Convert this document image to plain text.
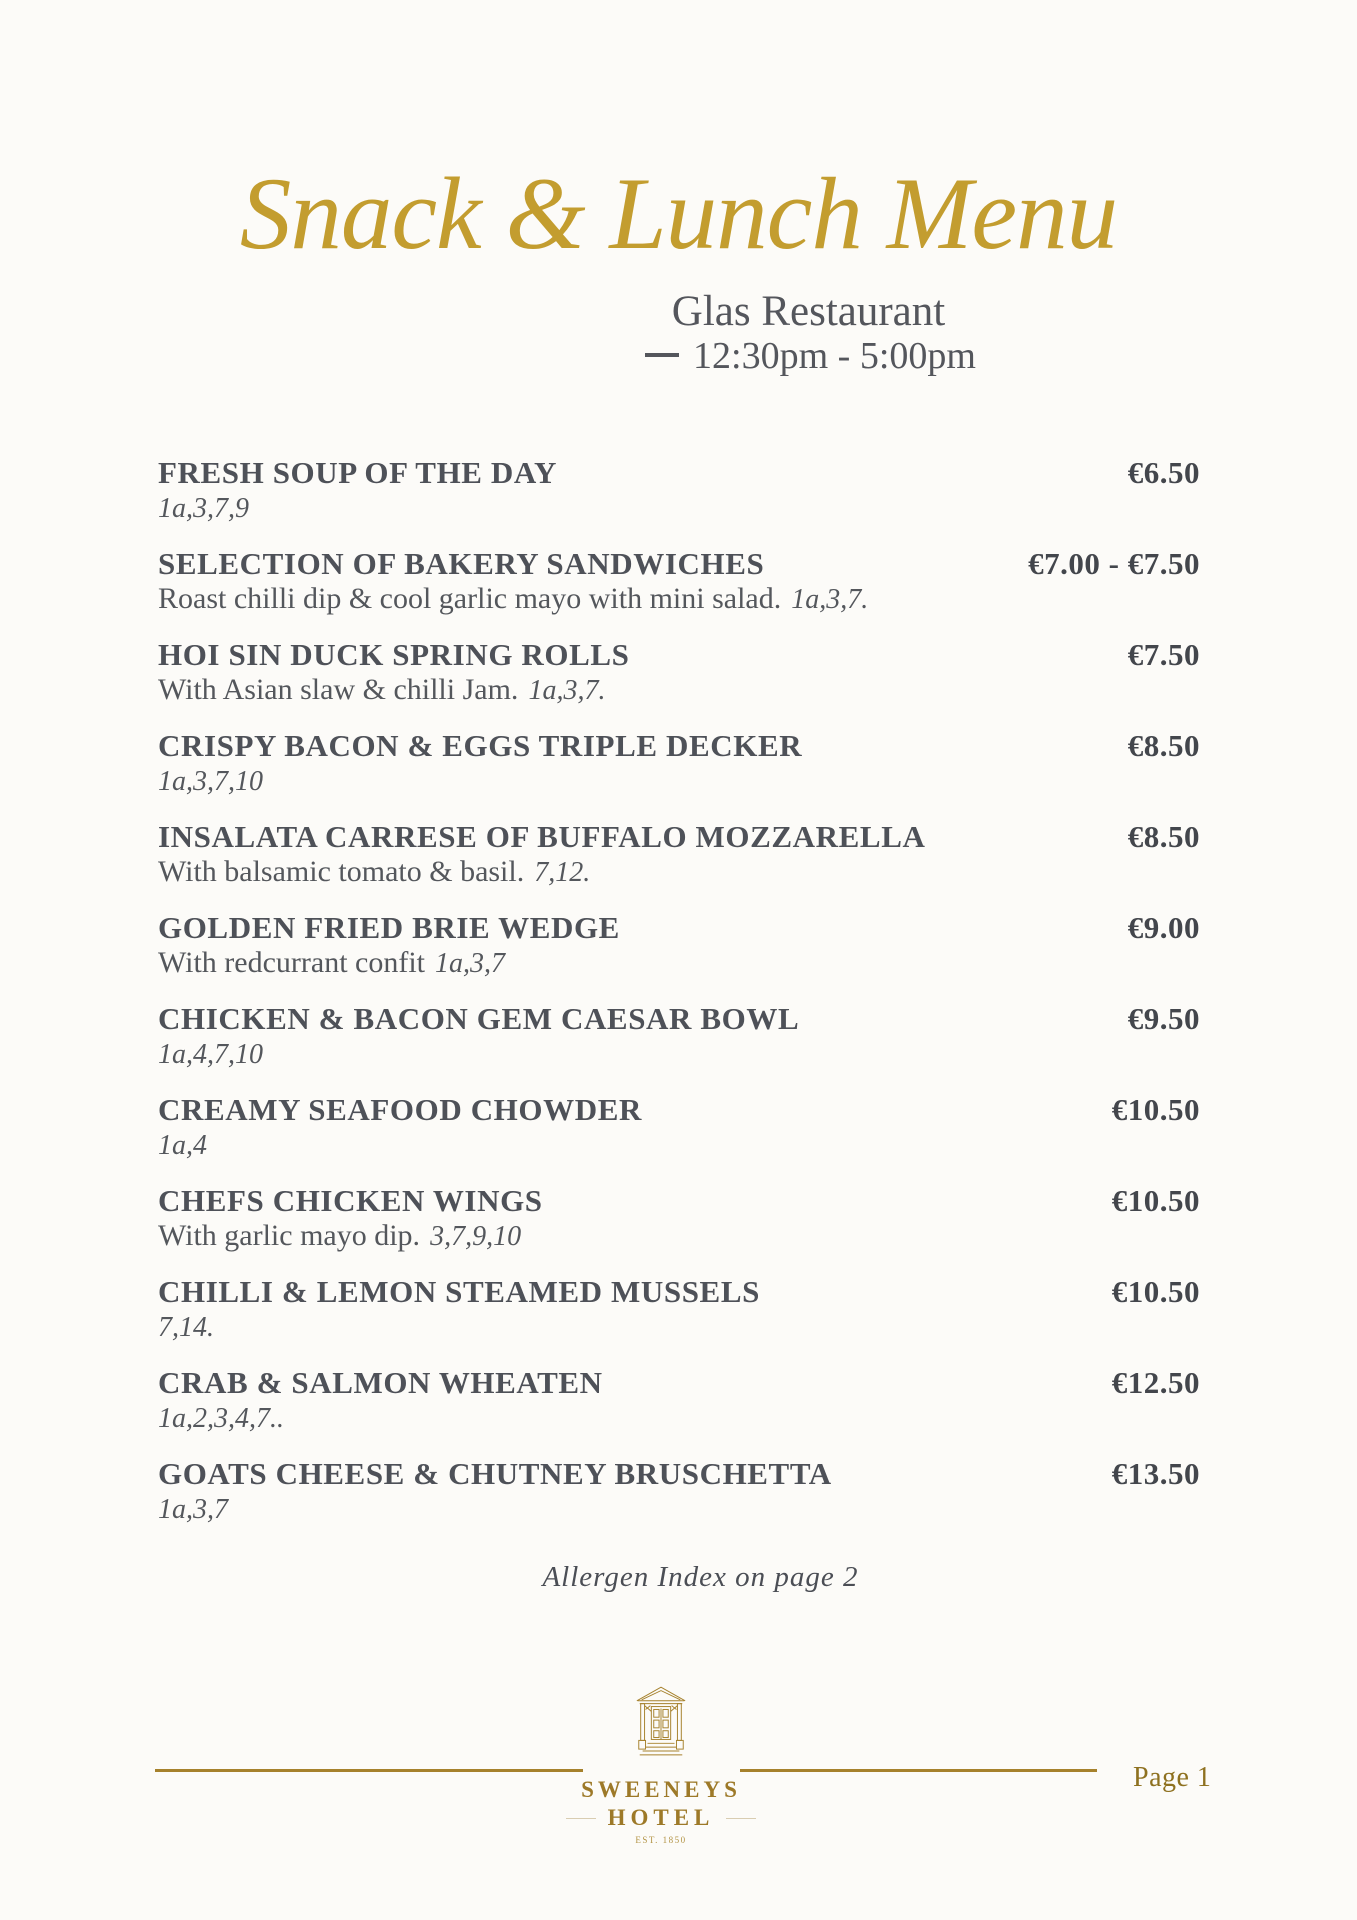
Snack & Lunch Menu
Glas Restaurant
12:30pm - 5:00pm
FRESH SOUP OF THE DAY	€6.50
1a,3,7,9
SELECTION OF BAKERY SANDWICHES	€7.00 - €7.50
Roast chilli dip & cool garlic mayo with mini salad. 1a,3,7.
HOI SIN DUCK SPRING ROLLS	€7.50
With Asian slaw & chilli Jam. 1a,3,7.
CRISPY BACON & EGGS TRIPLE DECKER	€8.50
1a,3,7,10
INSALATA CARRESE OF BUFFALO MOZZARELLA	€8.50
With balsamic tomato & basil. 7,12.
GOLDEN FRIED BRIE WEDGE	€9.00
With redcurrant confit 1a,3,7
CHICKEN & BACON GEM CAESAR BOWL	€9.50
1a,4,7,10
CREAMY SEAFOOD CHOWDER	€10.50
1a,4
CHEFS CHICKEN WINGS	€10.50
With garlic mayo dip. 3,7,9,10
CHILLI & LEMON STEAMED MUSSELS	€10.50
7,14.
CRAB & SALMON WHEATEN	€12.50
1a,2,3,4,7..
GOATS CHEESE & CHUTNEY BRUSCHETTA	€13.50
1a,3,7
Allergen Index on page 2
SWEENEYS
HOTEL
EST. 1850
Page 1
